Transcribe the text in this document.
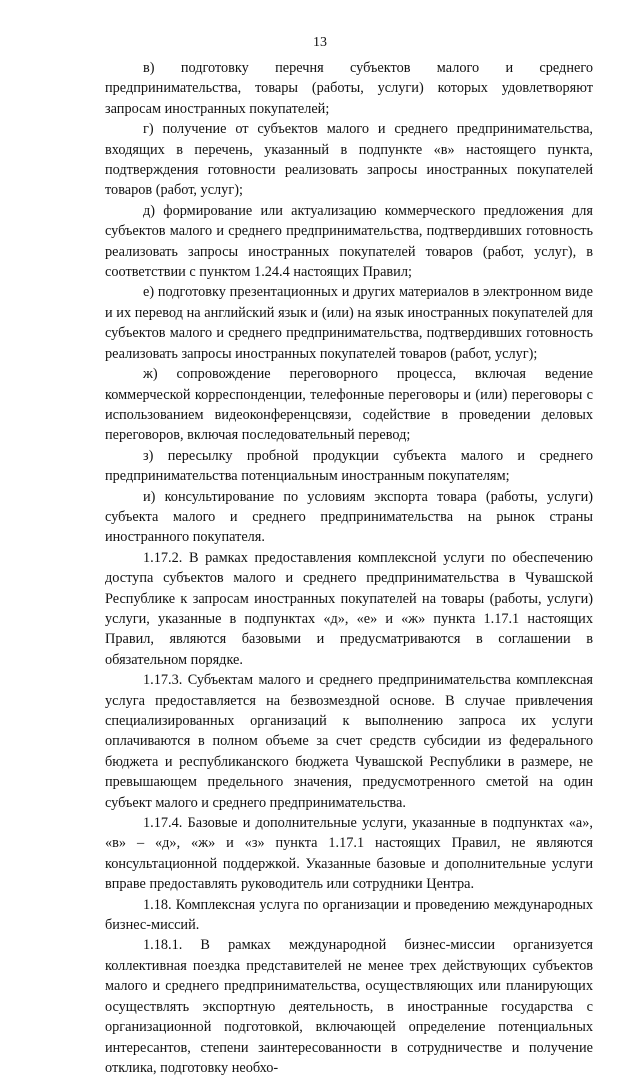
13

в) подготовку перечня субъектов малого и среднего предпринимательства, товары (работы, услуги) которых удовлетворяют запросам иностранных покупателей;

г) получение от субъектов малого и среднего предпринимательства, входящих в перечень, указанный в подпункте «в» настоящего пункта, подтверждения готовности реализовать запросы иностранных покупателей товаров (работ, услуг);

д) формирование или актуализацию коммерческого предложения для субъектов малого и среднего предпринимательства, подтвердивших готовность реализовать запросы иностранных покупателей товаров (работ, услуг), в соответствии с пунктом 1.24.4 настоящих Правил;

е) подготовку презентационных и других материалов в электронном виде и их перевод на английский язык и (или) на язык иностранных покупателей для субъектов малого и среднего предпринимательства, подтвердивших готовность реализовать запросы иностранных покупателей товаров (работ, услуг);

ж) сопровождение переговорного процесса, включая ведение коммерческой корреспонденции, телефонные переговоры и (или) переговоры с использованием видеоконференцсвязи, содействие в проведении деловых переговоров, включая последовательный перевод;

з) пересылку пробной продукции субъекта малого и среднего предпринимательства потенциальным иностранным покупателям;

и) консультирование по условиям экспорта товара (работы, услуги) субъекта малого и среднего предпринимательства на рынок страны иностранного покупателя.

1.17.2. В рамках предоставления комплексной услуги по обеспечению доступа субъектов малого и среднего предпринимательства в Чувашской Республике к запросам иностранных покупателей на товары (работы, услуги) услуги, указанные в подпунктах «д», «е» и «ж» пункта 1.17.1 настоящих Правил, являются базовыми и предусматриваются в соглашении в обязательном порядке.

1.17.3. Субъектам малого и среднего предпринимательства комплексная услуга предоставляется на безвозмездной основе. В случае привлечения специализированных организаций к выполнению запроса их услуги оплачиваются в полном объеме за счет средств субсидии из федерального бюджета и республиканского бюджета Чувашской Республики в размере, не превышающем предельного значения, предусмотренного сметой на один субъект малого и среднего предпринимательства.

1.17.4. Базовые и дополнительные услуги, указанные в подпунктах «а», «в» – «д», «ж» и «з» пункта 1.17.1 настоящих Правил, не являются консультационной поддержкой. Указанные базовые и дополнительные услуги вправе предоставлять руководитель или сотрудники Центра.

1.18. Комплексная услуга по организации и проведению международных бизнес-миссий.

1.18.1. В рамках международной бизнес-миссии организуется коллективная поездка представителей не менее трех действующих субъектов малого и среднего предпринимательства, осуществляющих или планирующих осуществлять экспортную деятельность, в иностранные государства с организационной подготовкой, включающей определение потенциальных интересантов, степени заинтересованности в сотрудничестве и получение отклика, подготовку необхо-
